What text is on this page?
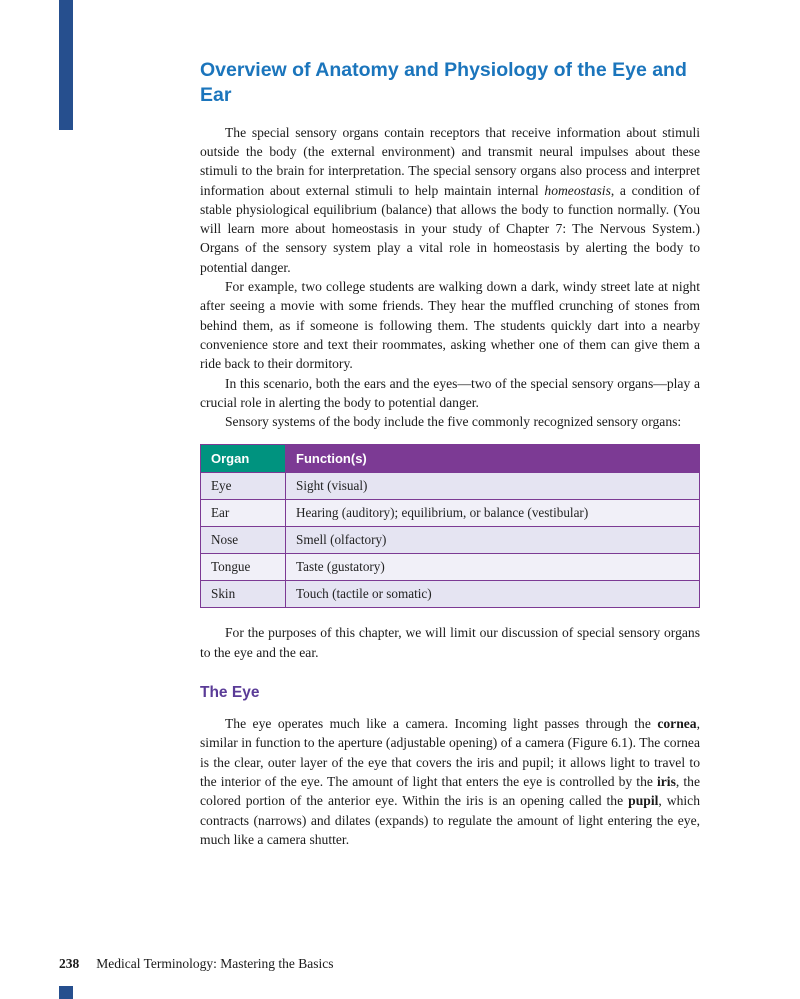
Overview of Anatomy and Physiology of the Eye and Ear

The special sensory organs contain receptors that receive information about stimuli outside the body (the external environment) and transmit neural impulses about these stimuli to the brain for interpretation. The special sensory organs also process and interpret information about external stimuli to help maintain internal homeostasis, a condition of stable physiological equilibrium (balance) that allows the body to function normally. (You will learn more about homeostasis in your study of Chapter 7: The Nervous System.) Organs of the sensory system play a vital role in homeostasis by alerting the body to potential danger.

For example, two college students are walking down a dark, windy street late at night after seeing a movie with some friends. They hear the muffled crunching of stones from behind them, as if someone is following them. The students quickly dart into a nearby convenience store and text their roommates, asking whether one of them can give them a ride back to their dormitory.

In this scenario, both the ears and the eyes—two of the special sensory organs—play a crucial role in alerting the body to potential danger.

Sensory systems of the body include the five commonly recognized sensory organs:

Organ	Function(s)
Eye	Sight (visual)
Ear	Hearing (auditory); equilibrium, or balance (vestibular)
Nose	Smell (olfactory)
Tongue	Taste (gustatory)
Skin	Touch (tactile or somatic)

For the purposes of this chapter, we will limit our discussion of special sensory organs to the eye and the ear.

The Eye

The eye operates much like a camera. Incoming light passes through the cornea, similar in function to the aperture (adjustable opening) of a camera (Figure 6.1). The cornea is the clear, outer layer of the eye that covers the iris and pupil; it allows light to travel to the interior of the eye. The amount of light that enters the eye is controlled by the iris, the colored portion of the anterior eye. Within the iris is an opening called the pupil, which contracts (narrows) and dilates (expands) to regulate the amount of light entering the eye, much like a camera shutter.

238 Medical Terminology: Mastering the Basics
